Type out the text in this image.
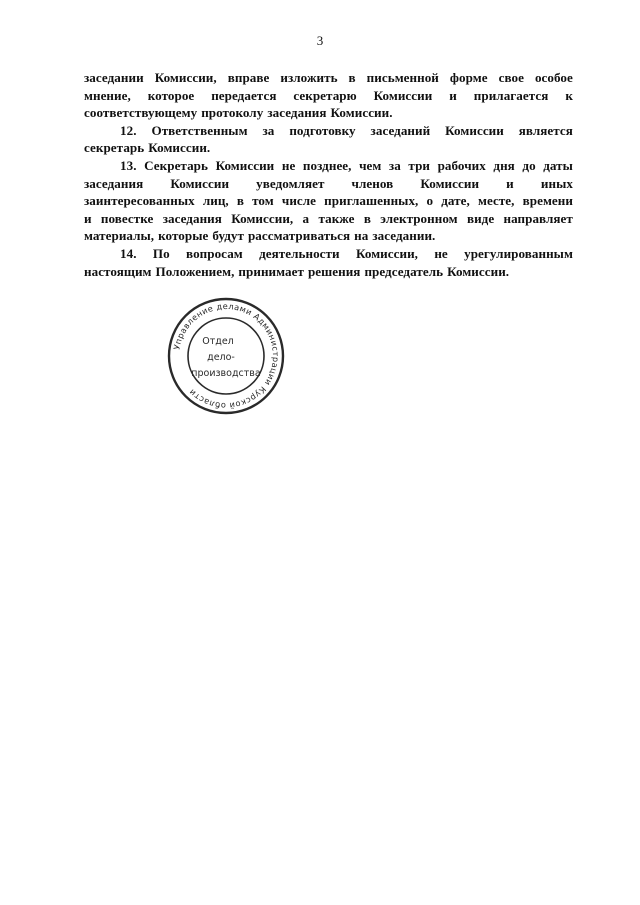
3
заседании Комиссии, вправе изложить в письменной форме свое особое
мнение, которое передается секретарю Комиссии и прилагается к
соответствующему протоколу заседания Комиссии.
12. Ответственным за подготовку заседаний Комиссии является
секретарь Комиссии.
13. Секретарь Комиссии не позднее, чем за три рабочих дня до даты
заседания Комиссии уведомляет членов Комиссии и иных
заинтересованных лиц, в том числе приглашенных, о дате, месте, времени
и повестке заседания Комиссии, а также в электронном виде направляет
материалы, которые будут рассматриваться на заседании.
14. По вопросам деятельности Комиссии, не урегулированным
настоящим Положением, принимает решения председатель Комиссии.
Управление делами Администрации Курской области
Отдел
дело-
производства
